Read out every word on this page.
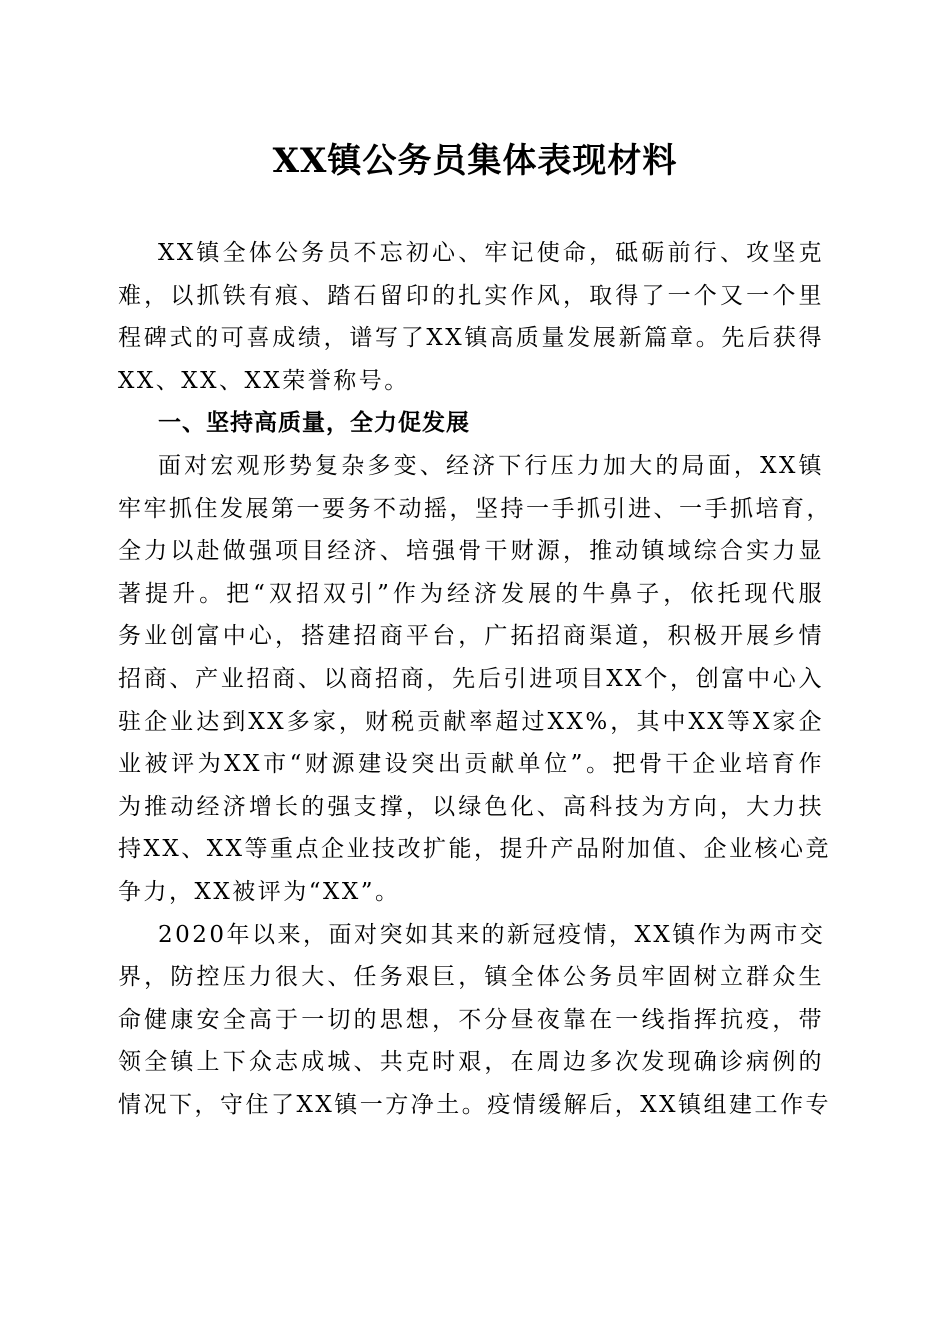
XX镇公务员集体表现材料
XX镇全体公务员不忘初心、牢记使命，砥砺前行、攻坚克
难，以抓铁有痕、踏石留印的扎实作风，取得了一个又一个里
程碑式的可喜成绩，谱写了XX镇高质量发展新篇章。先后获得
XX、XX、XX荣誉称号。
一、坚持高质量，全力促发展
面对宏观形势复杂多变、经济下行压力加大的局面，XX镇
牢牢抓住发展第一要务不动摇，坚持一手抓引进、一手抓培育，
全力以赴做强项目经济、培强骨干财源，推动镇域综合实力显
著提升。把“双招双引”作为经济发展的牛鼻子，依托现代服
务业创富中心，搭建招商平台，广拓招商渠道，积极开展乡情
招商、产业招商、以商招商，先后引进项目XX个，创富中心入
驻企业达到XX多家，财税贡献率超过XX%，其中XX等X家企
业被评为XX市“财源建设突出贡献单位”。把骨干企业培育作
为推动经济增长的强支撑，以绿色化、高科技为方向，大力扶
持XX、XX等重点企业技改扩能，提升产品附加值、企业核心竞
争力，XX被评为“XX”。
2020年以来，面对突如其来的新冠疫情，XX镇作为两市交
界，防控压力很大、任务艰巨，镇全体公务员牢固树立群众生
命健康安全高于一切的思想，不分昼夜靠在一线指挥抗疫，带
领全镇上下众志成城、共克时艰，在周边多次发现确诊病例的
情况下，守住了XX镇一方净土。疫情缓解后，XX镇组建工作专
